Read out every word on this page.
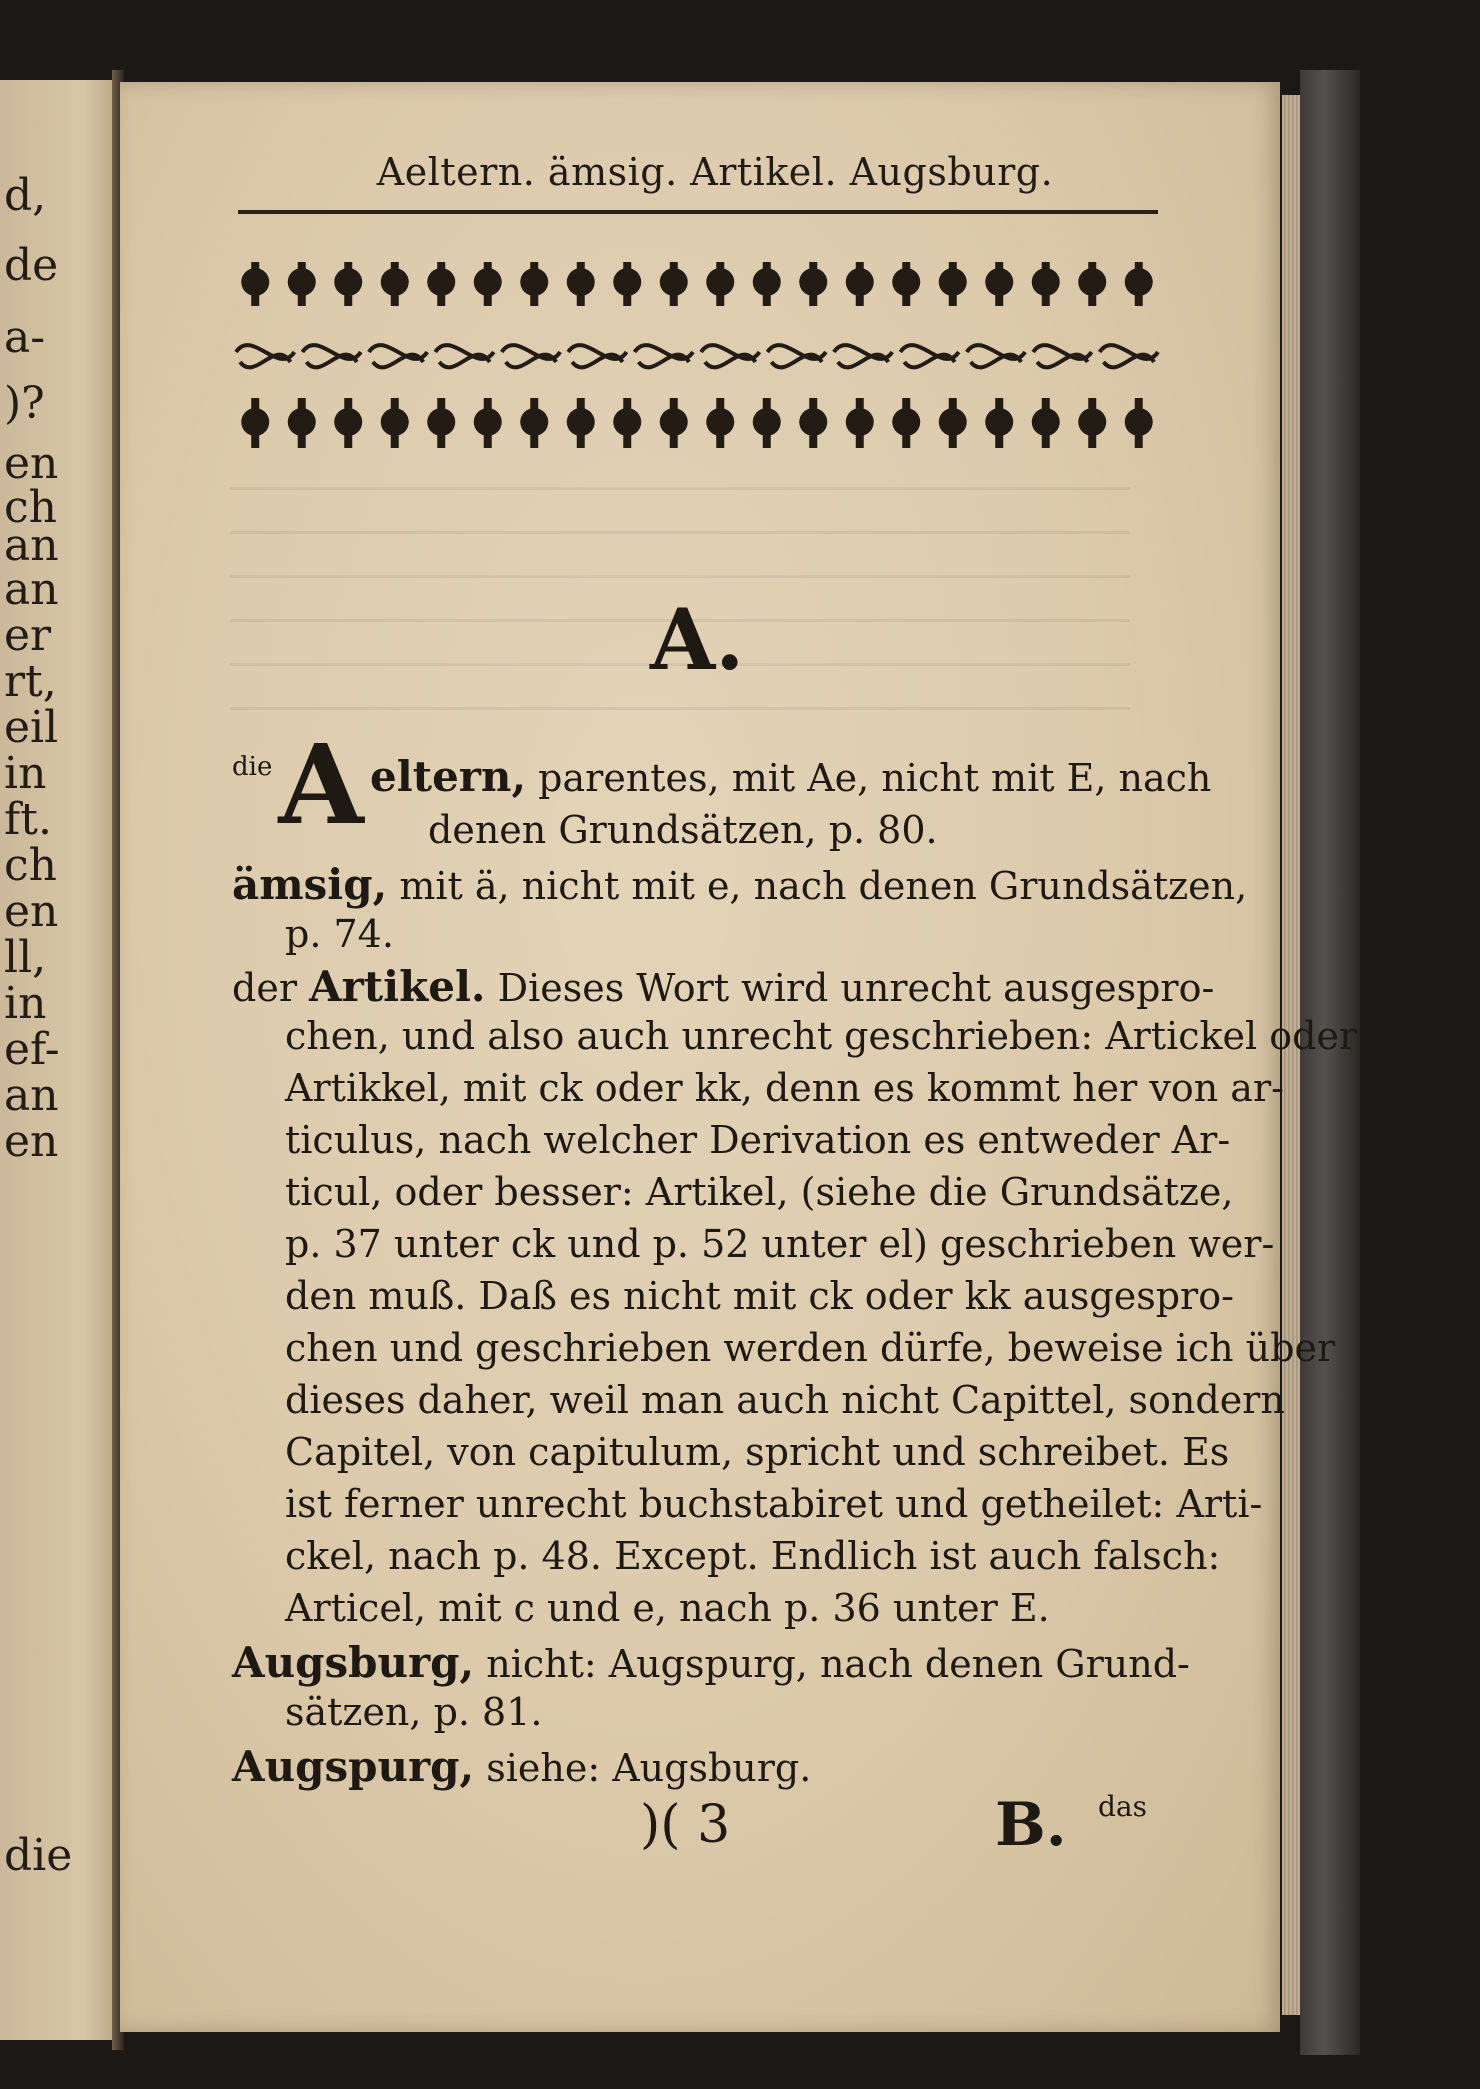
d,
de
a-
)?
en
ch
an
an
er
rt,
eil
in
ft.
ch
en
ll,
in
ef-
an
en
die
Aeltern. ämsig. Artikel. Augsburg.
A.
die A eltern, parentes, mit Ae, nicht mit E, nach
denen Grundsätzen, p. 80.
ämsig, mit ä, nicht mit e, nach denen Grundsätzen,
p. 74.
der Artikel. Dieses Wort wird unrecht ausgespro-
chen, und also auch unrecht geschrieben: Artickel oder
Artikkel, mit ck oder kk, denn es kommt her von ar-
ticulus, nach welcher Derivation es entweder Ar-
ticul, oder besser: Artikel, (siehe die Grundsätze,
p. 37 unter ck und p. 52 unter el) geschrieben wer-
den muß. Daß es nicht mit ck oder kk ausgespro-
chen und geschrieben werden dürfe, beweise ich über
dieses daher, weil man auch nicht Capittel, sondern
Capitel, von capitulum, spricht und schreibet. Es
ist ferner unrecht buchstabiret und getheilet: Arti-
ckel, nach p. 48. Except. Endlich ist auch falsch:
Articel, mit c und e, nach p. 36 unter E.
Augsburg, nicht: Augspurg, nach denen Grund-
sätzen, p. 81.
Augspurg, siehe: Augsburg.
)( 3	B. das
